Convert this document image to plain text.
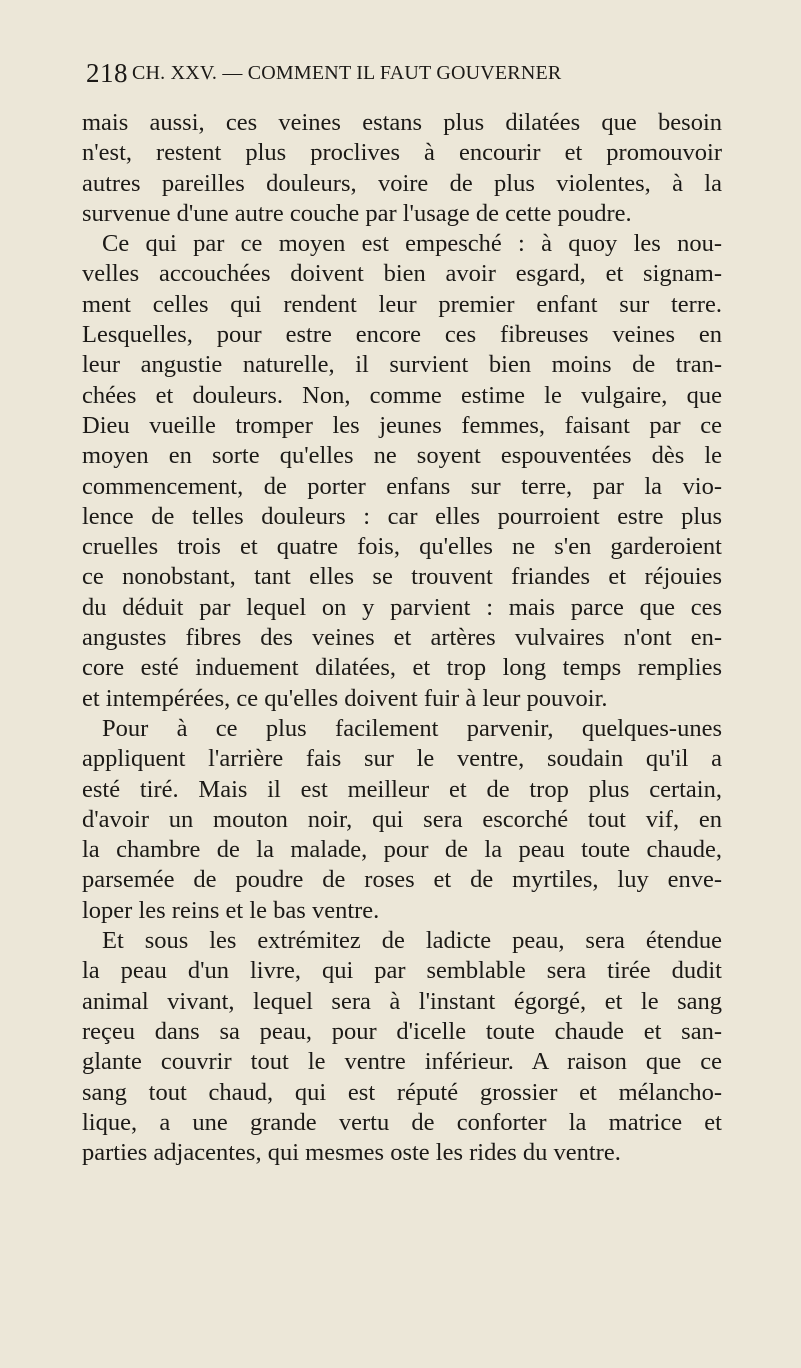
218 CH. XXV. — COMMENT IL FAUT GOUVERNER
mais aussi, ces veines estans plus dilatées que besoin
n'est, restent plus proclives à encourir et promouvoir
autres pareilles douleurs, voire de plus violentes, à la
survenue d'une autre couche par l'usage de cette poudre.
Ce qui par ce moyen est empesché : à quoy les nou-
velles accouchées doivent bien avoir esgard, et signam-
ment celles qui rendent leur premier enfant sur terre.
Lesquelles, pour estre encore ces fibreuses veines en
leur angustie naturelle, il survient bien moins de tran-
chées et douleurs. Non, comme estime le vulgaire, que
Dieu vueille tromper les jeunes femmes, faisant par ce
moyen en sorte qu'elles ne soyent espouventées dès le
commencement, de porter enfans sur terre, par la vio-
lence de telles douleurs : car elles pourroient estre plus
cruelles trois et quatre fois, qu'elles ne s'en garderoient
ce nonobstant, tant elles se trouvent friandes et réjouies
du déduit par lequel on y parvient : mais parce que ces
angustes fibres des veines et artères vulvaires n'ont en-
core esté induement dilatées, et trop long temps remplies
et intempérées, ce qu'elles doivent fuir à leur pouvoir.
Pour à ce plus facilement parvenir, quelques-unes
appliquent l'arrière fais sur le ventre, soudain qu'il a
esté tiré. Mais il est meilleur et de trop plus certain,
d'avoir un mouton noir, qui sera escorché tout vif, en
la chambre de la malade, pour de la peau toute chaude,
parsemée de poudre de roses et de myrtiles, luy enve-
loper les reins et le bas ventre.
Et sous les extrémitez de ladicte peau, sera étendue
la peau d'un livre, qui par semblable sera tirée dudit
animal vivant, lequel sera à l'instant égorgé, et le sang
reçeu dans sa peau, pour d'icelle toute chaude et san-
glante couvrir tout le ventre inférieur. A raison que ce
sang tout chaud, qui est réputé grossier et mélancho-
lique, a une grande vertu de conforter la matrice et
parties adjacentes, qui mesmes oste les rides du ventre.
